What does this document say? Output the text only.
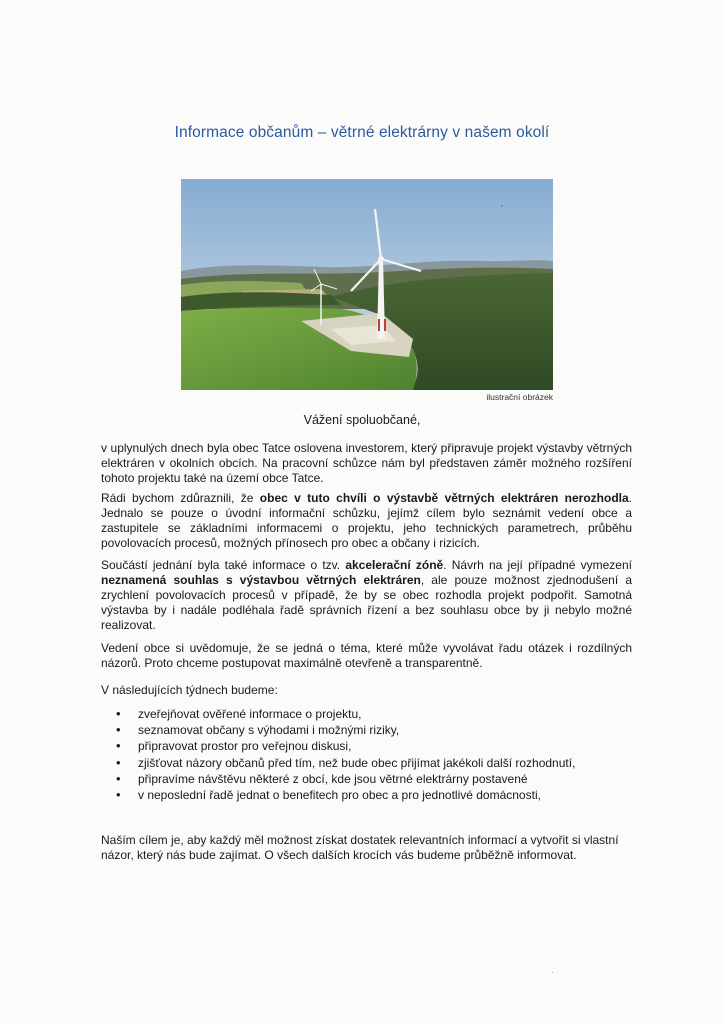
Informace občanům – větrné elektrárny v našem okolí
ilustrační obrázek
Vážení spoluobčané,

v uplynulých dnech byla obec Tatce oslovena investorem, který připravuje projekt výstavby větrných elektráren v okolních obcích. Na pracovní schůzce nám byl představen záměr možného rozšíření tohoto projektu také na území obce Tatce.

Rádi bychom zdůraznili, že obec v tuto chvíli o výstavbě větrných elektráren nerozhodla. Jednalo se pouze o úvodní informační schůzku, jejímž cílem bylo seznámit vedení obce a zastupitele se základními informacemi o projektu, jeho technických parametrech, průběhu povolovacích procesů, možných přínosech pro obec a občany i rizicích.

Součástí jednání byla také informace o tzv. akcelerační zóně. Návrh na její případné vymezení neznamená souhlas s výstavbou větrných elektráren, ale pouze možnost zjednodušení a zrychlení povolovacích procesů v případě, že by se obec rozhodla projekt podpořit. Samotná výstavba by i nadále podléhala řadě správních řízení a bez souhlasu obce by ji nebylo možné realizovat.

Vedení obce si uvědomuje, že se jedná o téma, které může vyvolávat řadu otázek i rozdílných názorů. Proto chceme postupovat maximálně otevřeně a transparentně.

V následujících týdnech budeme:

• zveřejňovat ověřené informace o projektu,
• seznamovat občany s výhodami i možnými riziky,
• připravovat prostor pro veřejnou diskusi,
• zjišťovat názory občanů před tím, než bude obec přijímat jakékoli další rozhodnutí,
• připravíme návštěvu některé z obcí, kde jsou větrné elektrárny postavené
• v neposlední řadě jednat o benefitech pro obec a pro jednotlivé domácnosti,

Naším cílem je, aby každý měl možnost získat dostatek relevantních informací a vytvořit si vlastní názor, který nás bude zajímat. O všech dalších krocích vás budeme průběžně informovat.
